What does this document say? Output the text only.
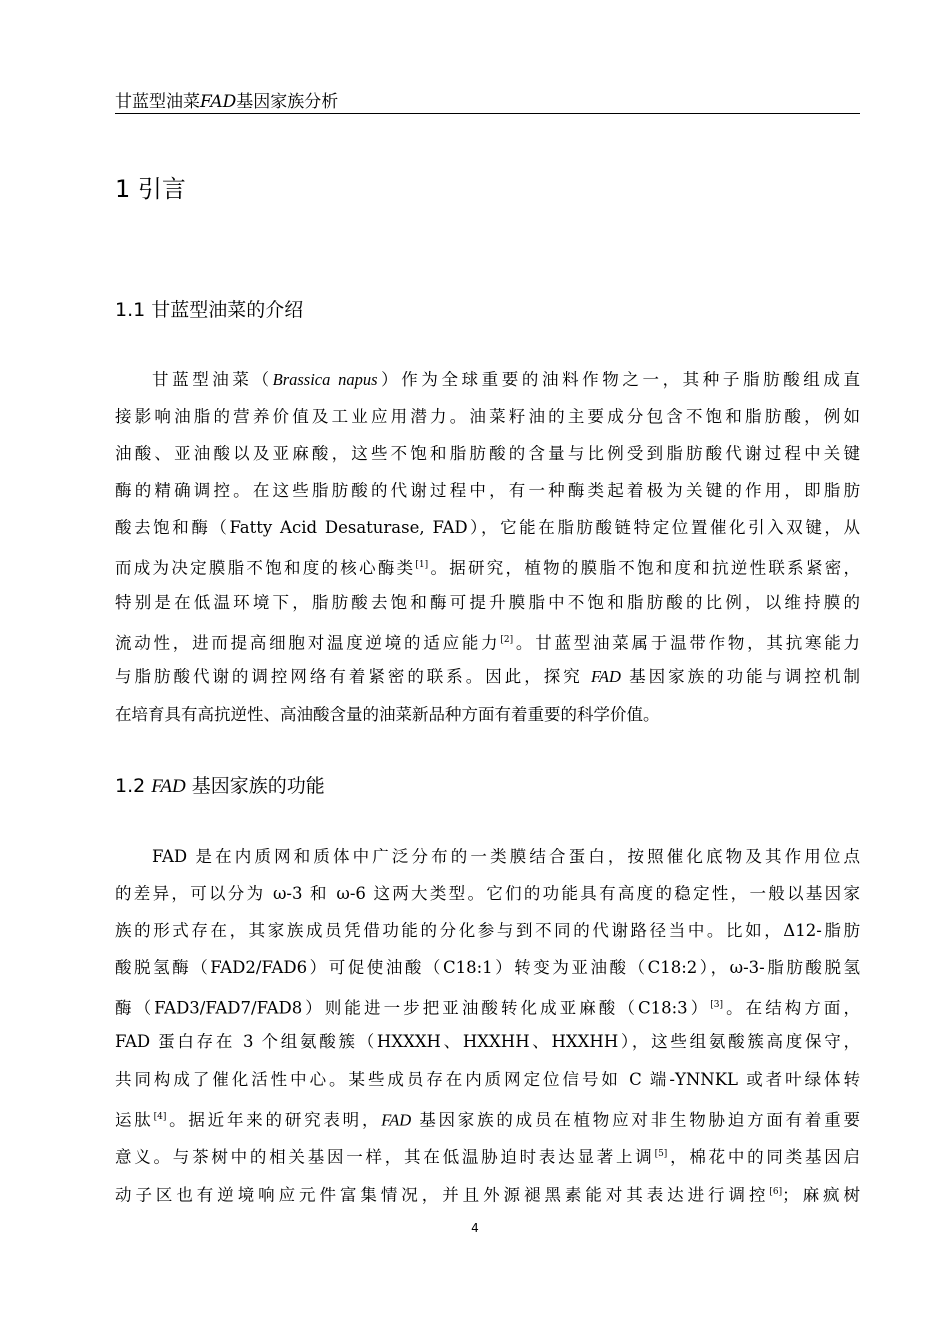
甘蓝型油菜FAD基因家族分析
1 引言
1.1 甘蓝型油菜的介绍
甘蓝型油菜（Brassica napus）作为全球重要的油料作物之一，其种子脂肪酸组成直
接影响油脂的营养价值及工业应用潜力。油菜籽油的主要成分包含不饱和脂肪酸，例如
油酸、亚油酸以及亚麻酸，这些不饱和脂肪酸的含量与比例受到脂肪酸代谢过程中关键
酶的精确调控。在这些脂肪酸的代谢过程中，有一种酶类起着极为关键的作用，即脂肪
酸去饱和酶（Fatty Acid Desaturase, FAD），它能在脂肪酸链特定位置催化引入双键，从
而成为决定膜脂不饱和度的核心酶类[1]。据研究，植物的膜脂不饱和度和抗逆性联系紧密，
特别是在低温环境下，脂肪酸去饱和酶可提升膜脂中不饱和脂肪酸的比例，以维持膜的
流动性，进而提高细胞对温度逆境的适应能力[2]。甘蓝型油菜属于温带作物，其抗寒能力
与脂肪酸代谢的调控网络有着紧密的联系。因此，探究 FAD 基因家族的功能与调控机制
在培育具有高抗逆性、高油酸含量的油菜新品种方面有着重要的科学价值。
1.2 FAD 基因家族的功能
FAD 是在内质网和质体中广泛分布的一类膜结合蛋白，按照催化底物及其作用位点
的差异，可以分为 ω-3 和 ω-6 这两大类型。它们的功能具有高度的稳定性，一般以基因家
族的形式存在，其家族成员凭借功能的分化参与到不同的代谢路径当中。比如，Δ12-脂肪
酸脱氢酶（FAD2/FAD6）可促使油酸（C18:1）转变为亚油酸（C18:2），ω-3-脂肪酸脱氢
酶（FAD3/FAD7/FAD8）则能进一步把亚油酸转化成亚麻酸（C18:3）[3]。在结构方面，
FAD 蛋白存在 3 个组氨酸簇（HXXXH、HXXHH、HXXHH），这些组氨酸簇高度保守，
共同构成了催化活性中心。某些成员存在内质网定位信号如 C 端-YNNKL 或者叶绿体转
运肽[4]。据近年来的研究表明，FAD 基因家族的成员在植物应对非生物胁迫方面有着重要
意义。与茶树中的相关基因一样，其在低温胁迫时表达显著上调[5]，棉花中的同类基因启
动子区也有逆境响应元件富集情况，并且外源褪黑素能对其表达进行调控[6]；麻疯树
4
